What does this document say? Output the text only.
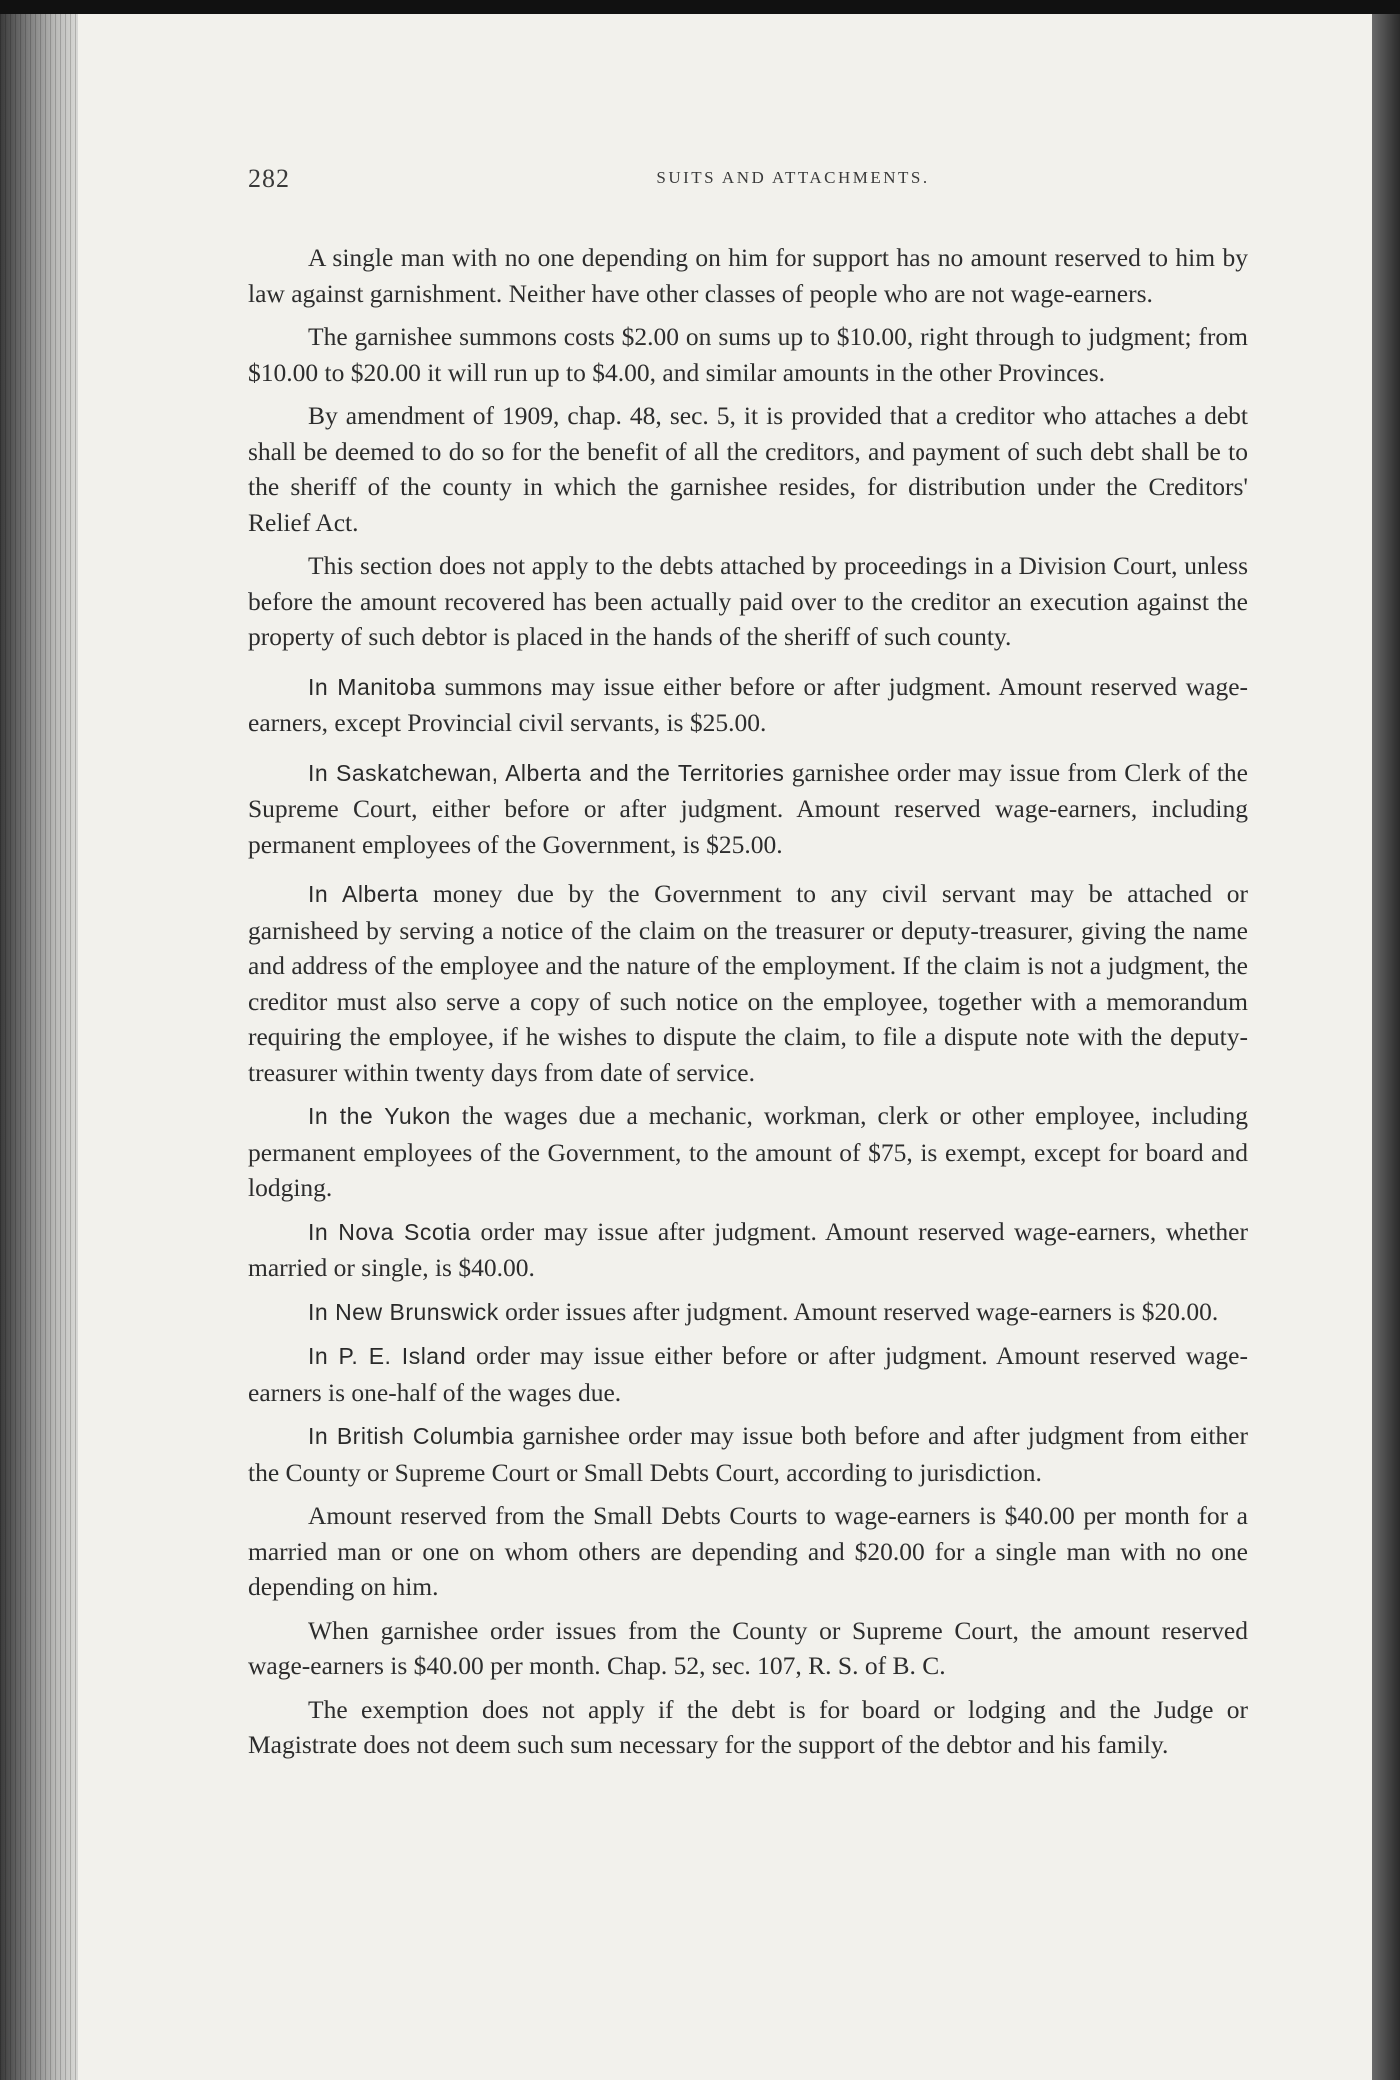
282	SUITS AND ATTACHMENTS.

A single man with no one depending on him for support has no amount reserved to him by law against garnishment. Neither have other classes of people who are not wage-earners.

The garnishee summons costs $2.00 on sums up to $10.00, right through to judgment; from $10.00 to $20.00 it will run up to $4.00, and similar amounts in the other Provinces.

By amendment of 1909, chap. 48, sec. 5, it is provided that a creditor who attaches a debt shall be deemed to do so for the benefit of all the creditors, and payment of such debt shall be to the sheriff of the county in which the garnishee resides, for distribution under the Creditors' Relief Act.

This section does not apply to the debts attached by proceedings in a Division Court, unless before the amount recovered has been actually paid over to the creditor an execution against the property of such debtor is placed in the hands of the sheriff of such county.

In Manitoba summons may issue either before or after judgment. Amount reserved wage-earners, except Provincial civil servants, is $25.00.

In Saskatchewan, Alberta and the Territories garnishee order may issue from Clerk of the Supreme Court, either before or after judgment. Amount reserved wage-earners, including permanent employees of the Government, is $25.00.

In Alberta money due by the Government to any civil servant may be attached or garnisheed by serving a notice of the claim on the treasurer or deputy-treasurer, giving the name and address of the employee and the nature of the employment. If the claim is not a judgment, the creditor must also serve a copy of such notice on the employee, together with a memorandum requiring the employee, if he wishes to dispute the claim, to file a dispute note with the deputy-treasurer within twenty days from date of service.

In the Yukon the wages due a mechanic, workman, clerk or other employee, including permanent employees of the Government, to the amount of $75, is exempt, except for board and lodging.

In Nova Scotia order may issue after judgment. Amount reserved wage-earners, whether married or single, is $40.00.

In New Brunswick order issues after judgment. Amount reserved wage-earners is $20.00.

In P. E. Island order may issue either before or after judgment. Amount reserved wage-earners is one-half of the wages due.

In British Columbia garnishee order may issue both before and after judgment from either the County or Supreme Court or Small Debts Court, according to jurisdiction.

Amount reserved from the Small Debts Courts to wage-earners is $40.00 per month for a married man or one on whom others are depending and $20.00 for a single man with no one depending on him.

When garnishee order issues from the County or Supreme Court, the amount reserved wage-earners is $40.00 per month. Chap. 52, sec. 107, R. S. of B. C.

The exemption does not apply if the debt is for board or lodging and the Judge or Magistrate does not deem such sum necessary for the support of the debtor and his family.
